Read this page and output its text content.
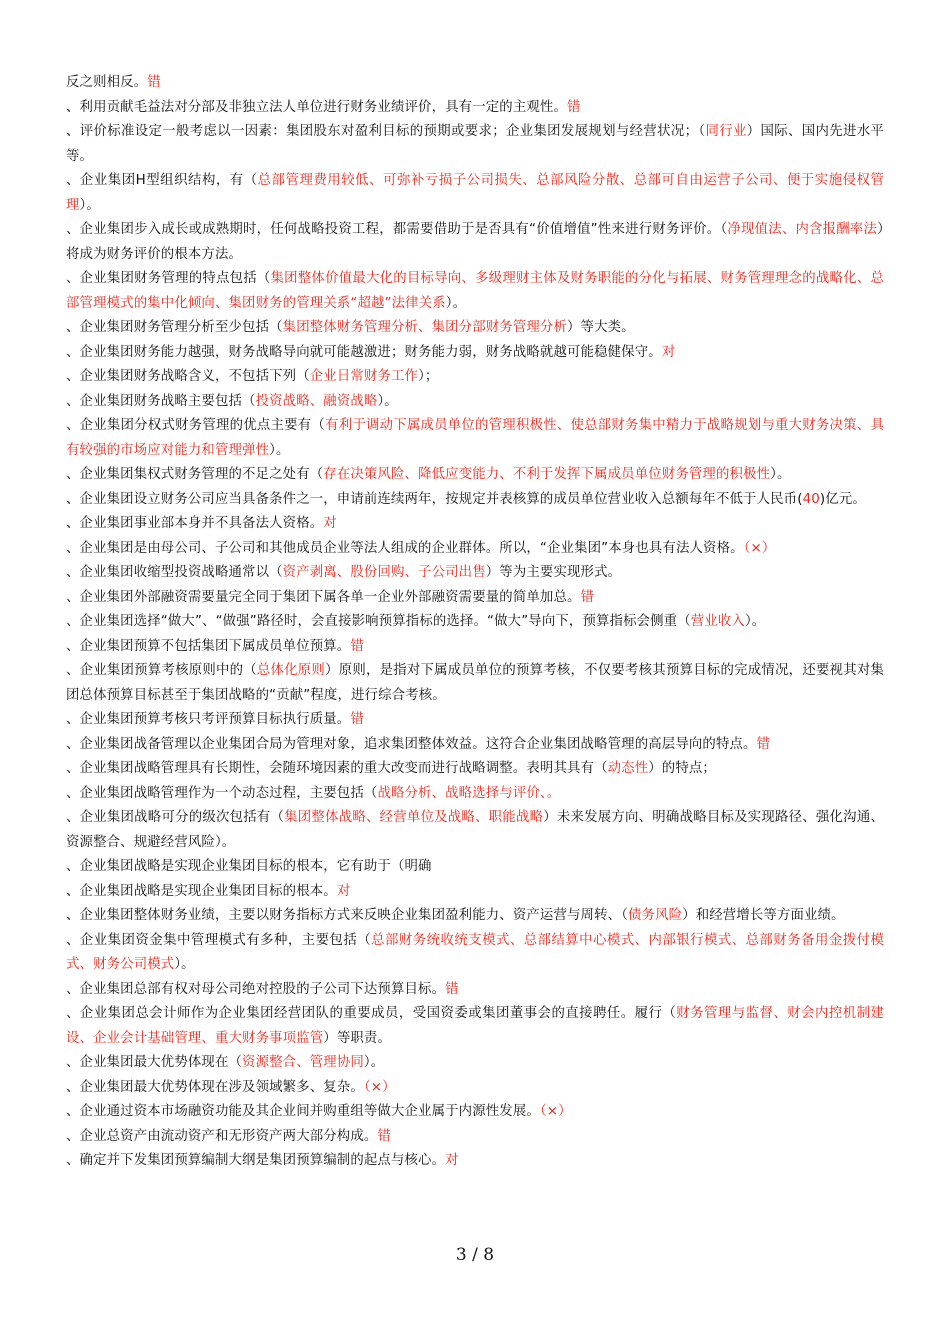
反之则相反。错

、利用贡献毛益法对分部及非独立法人单位进行财务业绩评价，具有一定的主观性。错

、评价标准设定一般考虑以一因素：集团股东对盈利目标的预期或要求；企业集团发展规划与经营状况；（同行业）国际、国内先进水平等。

、企业集团H型组织结构，有（总部管理费用较低、可弥补亏损子公司损失、总部风险分散、总部可自由运营子公司、便于实施侵权管理）。

、企业集团步入成长或成熟期时，任何战略投资工程，都需要借助于是否具有“价值增值”性来进行财务评价。（净现值法、内含报酬率法）将成为财务评价的根本方法。

、企业集团财务管理的特点包括（集团整体价值最大化的目标导向、多级理财主体及财务职能的分化与拓展、财务管理理念的战略化、总部管理模式的集中化倾向、集团财务的管理关系“超越”法律关系）。

、企业集团财务管理分析至少包括（集团整体财务管理分析、集团分部财务管理分析）等大类。

、企业集团财务能力越强，财务战略导向就可能越激进；财务能力弱，财务战略就越可能稳健保守。对

、企业集团财务战略含义，不包括下列（企业日常财务工作）；

、企业集团财务战略主要包括（投资战略、融资战略）。

、企业集团分权式财务管理的优点主要有（有利于调动下属成员单位的管理积极性、使总部财务集中精力于战略规划与重大财务决策、具有较强的市场应对能力和管理弹性）。

、企业集团集权式财务管理的不足之处有（存在决策风险、降低应变能力、不利于发挥下属成员单位财务管理的积极性）。

、企业集团设立财务公司应当具备条件之一，申请前连续两年，按规定并表核算的成员单位营业收入总额每年不低于人民币(40)亿元。

、企业集团事业部本身并不具备法人资格。对

、企业集团是由母公司、子公司和其他成员企业等法人组成的企业群体。所以，“企业集团”本身也具有法人资格。（×）

、企业集团收缩型投资战略通常以（资产剥离、股份回购、子公司出售）等为主要实现形式。

、企业集团外部融资需要量完全同于集团下属各单一企业外部融资需要量的简单加总。错

、企业集团选择“做大”、“做强”路径时，会直接影响预算指标的选择。“做大”导向下，预算指标会侧重（营业收入）。

、企业集团预算不包括集团下属成员单位预算。错

、企业集团预算考核原则中的（总体化原则）原则，是指对下属成员单位的预算考核，不仅要考核其预算目标的完成情况，还要视其对集团总体预算目标甚至于集团战略的“贡献”程度，进行综合考核。

、企业集团预算考核只考评预算目标执行质量。错

、企业集团战备管理以企业集团合局为管理对象，追求集团整体效益。这符合企业集团战略管理的高层导向的特点。错

、企业集团战略管理具有长期性，会随环境因素的重大改变而进行战略调整。表明其具有（动态性）的特点；

、企业集团战略管理作为一个动态过程，主要包括（战略分析、战略选择与评价、。

、企业集团战略可分的级次包括有（集团整体战略、经营单位及战略、职能战略）未来发展方向、明确战略目标及实现路径、强化沟通、资源整合、规避经营风险）。

、企业集团战略是实现企业集团目标的根本，它有助于（明确

、企业集团战略是实现企业集团目标的根本。对

、企业集团整体财务业绩，主要以财务指标方式来反映企业集团盈利能力、资产运营与周转、（债务风险）和经营增长等方面业绩。

、企业集团资金集中管理模式有多种，主要包括（总部财务统收统支模式、总部结算中心模式、内部银行模式、总部财务备用金拨付模式、财务公司模式）。

、企业集团总部有权对母公司绝对控股的子公司下达预算目标。错

、企业集团总会计师作为企业集团经营团队的重要成员，受国资委或集团董事会的直接聘任。履行（财务管理与监督、财会内控机制建设、企业会计基础管理、重大财务事项监管）等职责。

、企业集团最大优势体现在（资源整合、管理协同）。

、企业集团最大优势体现在涉及领域繁多、复杂。（×）

、企业通过资本市场融资功能及其企业间并购重组等做大企业属于内源性发展。（×）

、企业总资产由流动资产和无形资产两大部分构成。错

、确定并下发集团预算编制大纲是集团预算编制的起点与核心。对

3 / 8
